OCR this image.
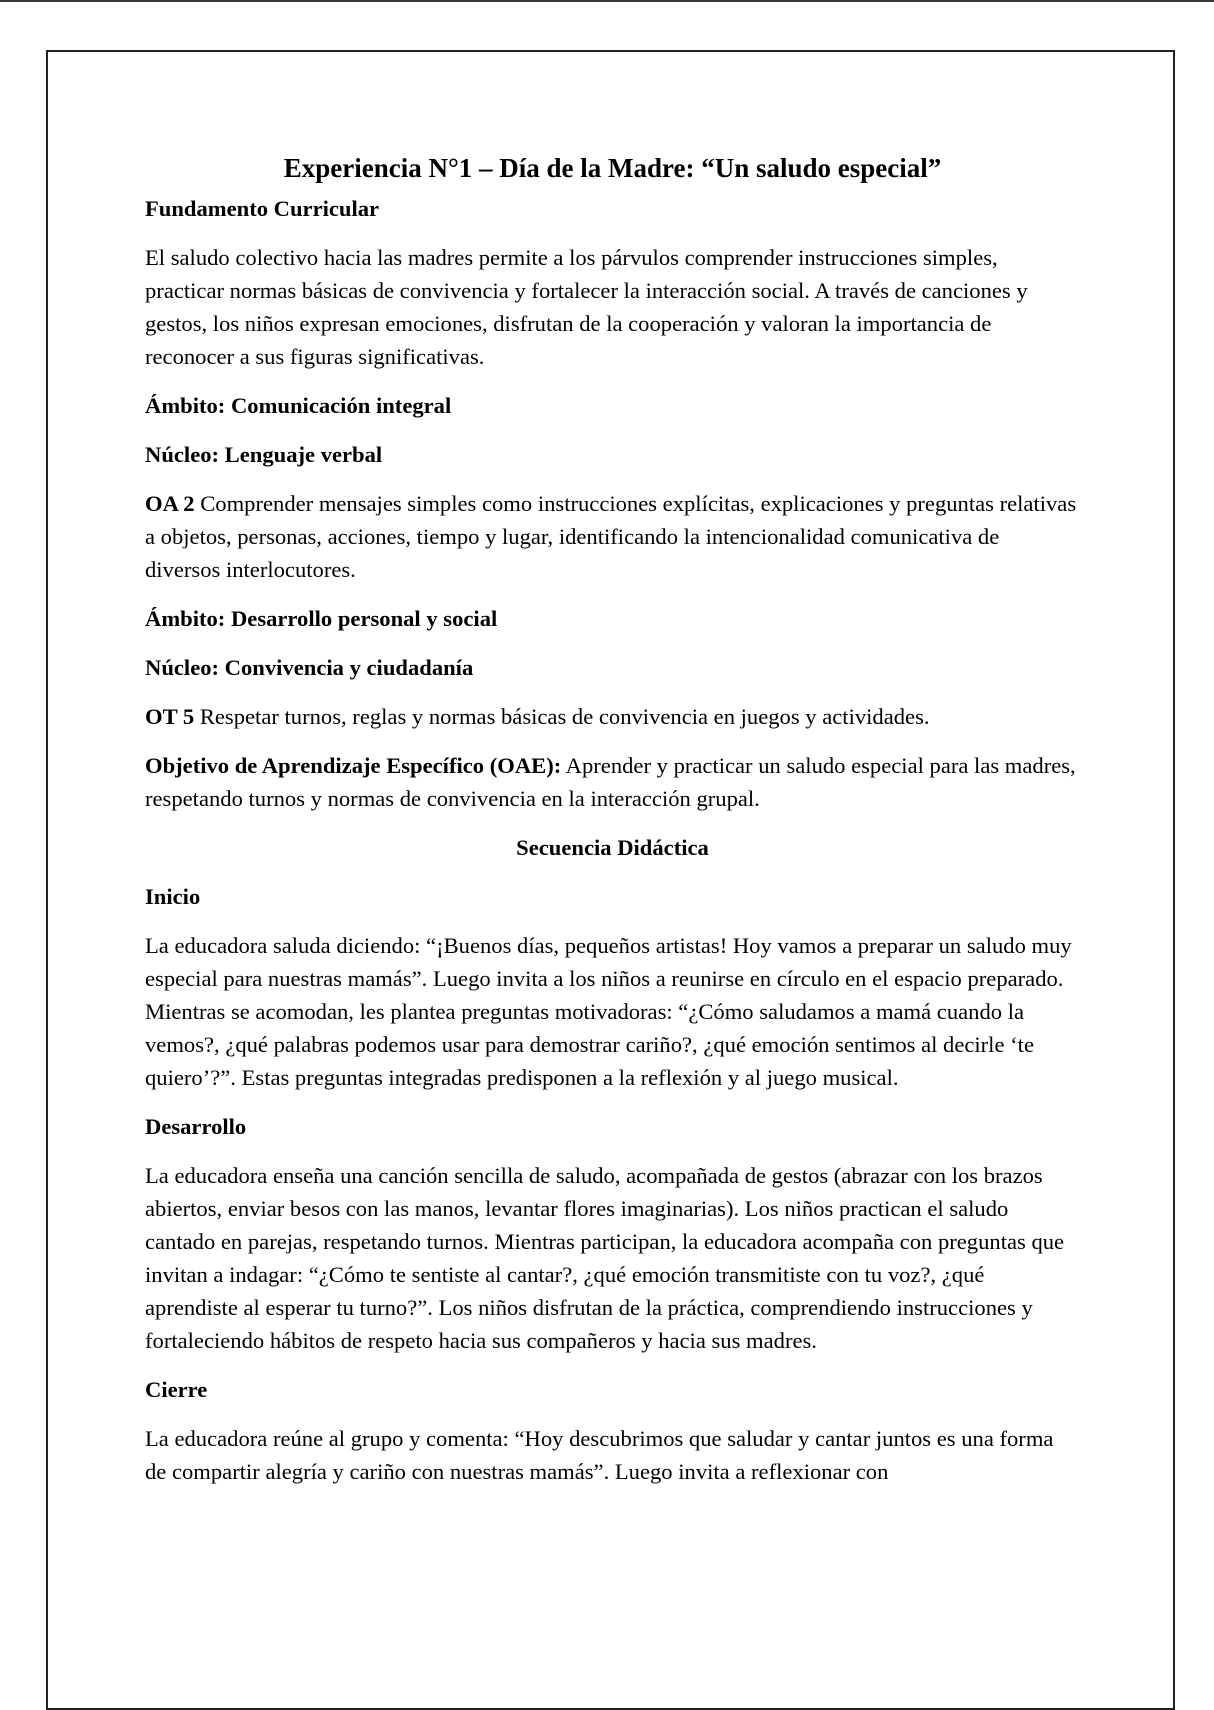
Experiencia N°1 – Día de la Madre: “Un saludo especial”
Fundamento Curricular

El saludo colectivo hacia las madres permite a los párvulos comprender instrucciones simples, practicar normas básicas de convivencia y fortalecer la interacción social. A través de canciones y gestos, los niños expresan emociones, disfrutan de la cooperación y valoran la importancia de reconocer a sus figuras significativas.

Ámbito: Comunicación integral
Núcleo: Lenguaje verbal

OA 2 Comprender mensajes simples como instrucciones explícitas, explicaciones y preguntas relativas a objetos, personas, acciones, tiempo y lugar, identificando la intencionalidad comunicativa de diversos interlocutores.

Ámbito: Desarrollo personal y social
Núcleo: Convivencia y ciudadanía

OT 5 Respetar turnos, reglas y normas básicas de convivencia en juegos y actividades.

Objetivo de Aprendizaje Específico (OAE): Aprender y practicar un saludo especial para las madres, respetando turnos y normas de convivencia en la interacción grupal.

Secuencia Didáctica
Inicio

La educadora saluda diciendo: “¡Buenos días, pequeños artistas! Hoy vamos a preparar un saludo muy especial para nuestras mamás”. Luego invita a los niños a reunirse en círculo en el espacio preparado. Mientras se acomodan, les plantea preguntas motivadoras: “¿Cómo saludamos a mamá cuando la vemos?, ¿qué palabras podemos usar para demostrar cariño?, ¿qué emoción sentimos al decirle ‘te quiero’?”. Estas preguntas integradas predisponen a la reflexión y al juego musical.

Desarrollo

La educadora enseña una canción sencilla de saludo, acompañada de gestos (abrazar con los brazos abiertos, enviar besos con las manos, levantar flores imaginarias). Los niños practican el saludo cantado en parejas, respetando turnos. Mientras participan, la educadora acompaña con preguntas que invitan a indagar: “¿Cómo te sentiste al cantar?, ¿qué emoción transmitiste con tu voz?, ¿qué aprendiste al esperar tu turno?”. Los niños disfrutan de la práctica, comprendiendo instrucciones y fortaleciendo hábitos de respeto hacia sus compañeros y hacia sus madres.

Cierre

La educadora reúne al grupo y comenta: “Hoy descubrimos que saludar y cantar juntos es una forma de compartir alegría y cariño con nuestras mamás”. Luego invita a reflexionar con
